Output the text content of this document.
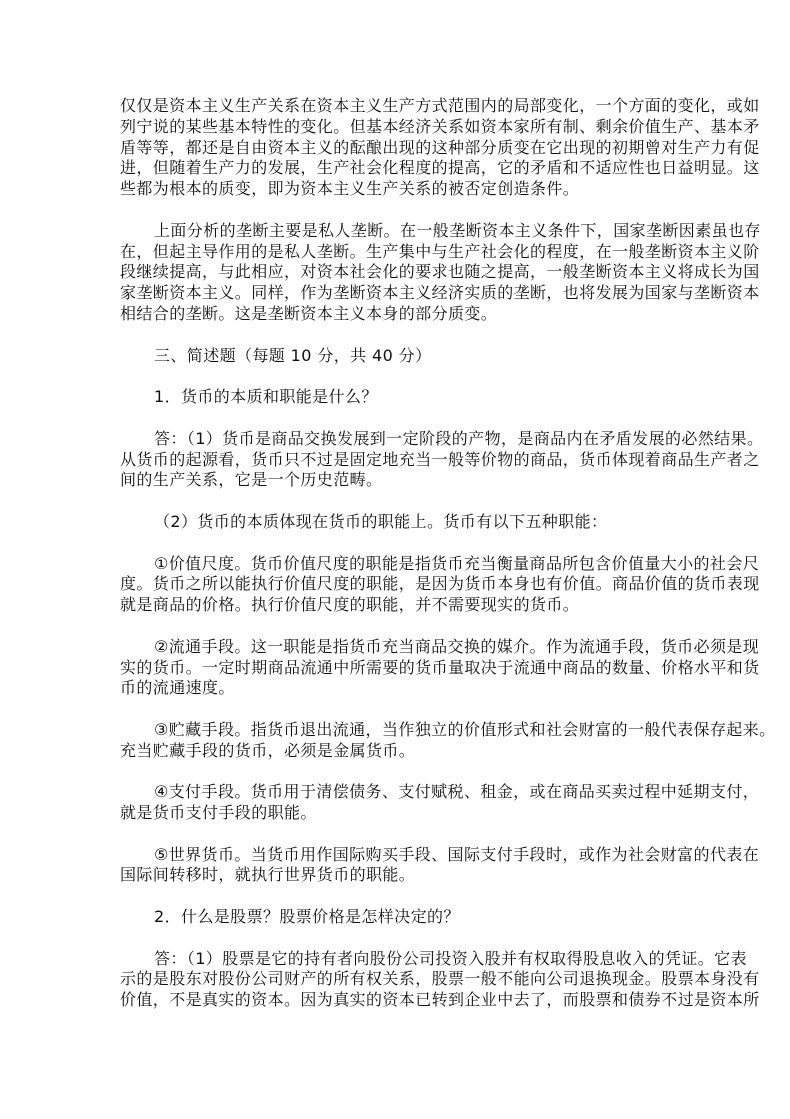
仅仅是资本主义生产关系在资本主义生产方式范围内的局部变化，一个方面的变化，或如
列宁说的某些基本特性的变化。但基本经济关系如资本家所有制、剩余价值生产、基本矛
盾等等，都还是自由资本主义的酝酿出现的这种部分质变在它出现的初期曾对生产力有促
进，但随着生产力的发展，生产社会化程度的提高，它的矛盾和不适应性也日益明显。这
些都为根本的质变，即为资本主义生产关系的被否定创造条件。
上面分析的垄断主要是私人垄断。在一般垄断资本主义条件下，国家垄断因素虽也存
在，但起主导作用的是私人垄断。生产集中与生产社会化的程度，在一般垄断资本主义阶
段继续提高，与此相应，对资本社会化的要求也随之提高，一般垄断资本主义将成长为国
家垄断资本主义。同样，作为垄断资本主义经济实质的垄断，也将发展为国家与垄断资本
相结合的垄断。这是垄断资本主义本身的部分质变。
三、简述题（每题 10 分，共 40 分）
1．货币的本质和职能是什么？
答：（1）货币是商品交换发展到一定阶段的产物，是商品内在矛盾发展的必然结果。
从货币的起源看，货币只不过是固定地充当一般等价物的商品，货币体现着商品生产者之
间的生产关系，它是一个历史范畴。
（2）货币的本质体现在货币的职能上。货币有以下五种职能：
①价值尺度。货币价值尺度的职能是指货币充当衡量商品所包含价值量大小的社会尺
度。货币之所以能执行价值尺度的职能，是因为货币本身也有价值。商品价值的货币表现
就是商品的价格。执行价值尺度的职能，并不需要现实的货币。
②流通手段。这一职能是指货币充当商品交换的媒介。作为流通手段，货币必须是现
实的货币。一定时期商品流通中所需要的货币量取决于流通中商品的数量、价格水平和货
币的流通速度。
③贮藏手段。指货币退出流通，当作独立的价值形式和社会财富的一般代表保存起来。
充当贮藏手段的货币，必须是金属货币。
④支付手段。货币用于清偿债务、支付赋税、租金，或在商品买卖过程中延期支付，
就是货币支付手段的职能。
⑤世界货币。当货币用作国际购买手段、国际支付手段时，或作为社会财富的代表在
国际间转移时，就执行世界货币的职能。
2．什么是股票？股票价格是怎样决定的？
答：（1）股票是它的持有者向股份公司投资入股并有权取得股息收入的凭证。它表
示的是股东对股份公司财产的所有权关系，股票一般不能向公司退换现金。股票本身没有
价值，不是真实的资本。因为真实的资本已转到企业中去了，而股票和债券不过是资本所
